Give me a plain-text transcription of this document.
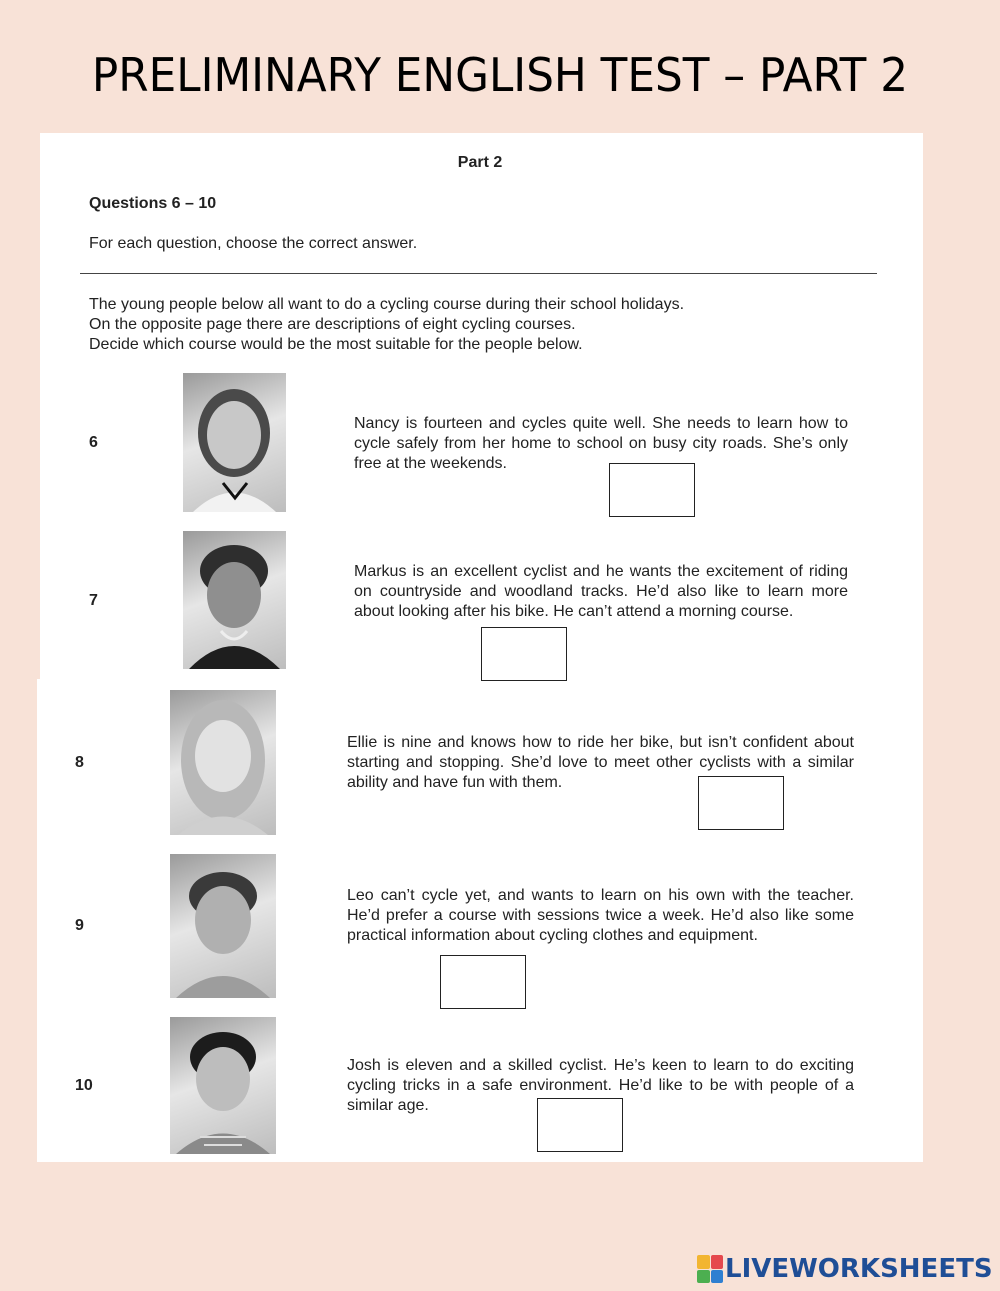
PRELIMINARY ENGLISH TEST – PART 2
Part 2
Questions 6 – 10
For each question, choose the correct answer.
The young people below all want to do a cycling course during their school holidays.
On the opposite page there are descriptions of eight cycling courses.
Decide which course would be the most suitable for the people below.
6
Nancy is fourteen and cycles quite well. She needs to learn how to cycle safely from her home to school on busy city roads. She’s only free at the weekends.
7
Markus is an excellent cyclist and he wants the excitement of riding on countryside and woodland tracks. He’d also like to learn more about looking after his bike. He can’t attend a morning course.
8
Ellie is nine and knows how to ride her bike, but isn’t confident about starting and stopping. She’d love to meet other cyclists with a similar ability and have fun with them.
9
Leo can’t cycle yet, and wants to learn on his own with the teacher. He’d prefer a course with sessions twice a week. He’d also like some practical information about cycling clothes and equipment.
10
Josh is eleven and a skilled cyclist. He’s keen to learn to do exciting cycling tricks in a safe environment. He’d like to be with people of a similar age.
LIVEWORKSHEETS
